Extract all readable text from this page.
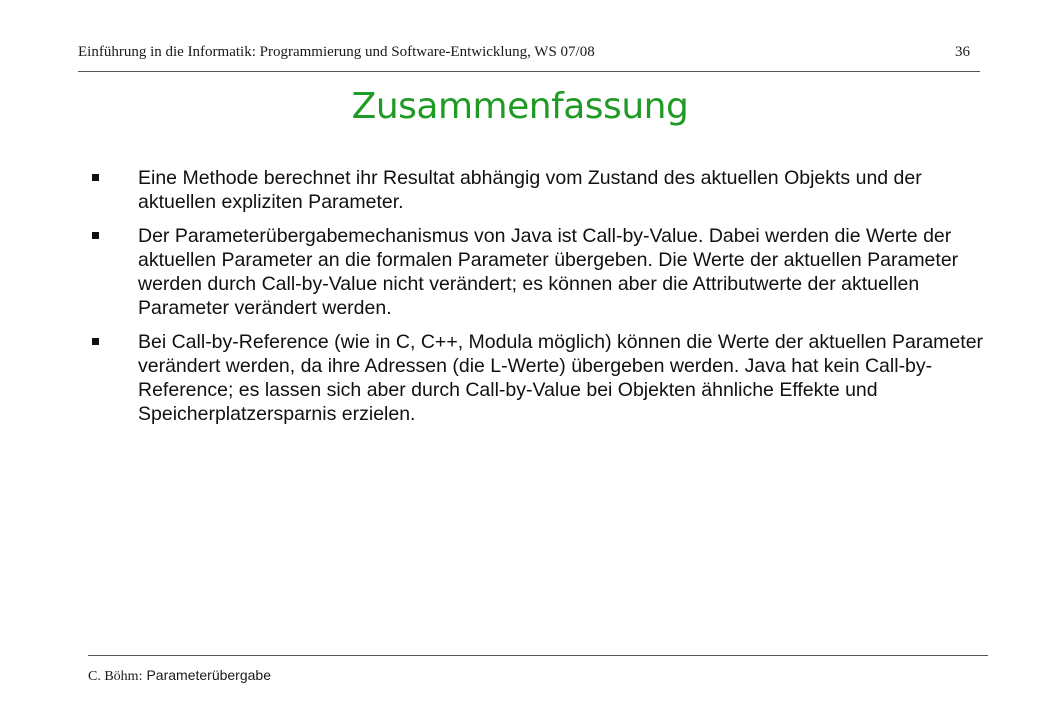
Einführung in die Informatik: Programmierung und Software-Entwicklung, WS 07/08	36
Zusammenfassung
Eine Methode berechnet ihr Resultat abhängig vom Zustand des aktuellen Objekts und der aktuellen expliziten Parameter.
Der Parameterübergabemechanismus von Java ist Call-by-Value. Dabei werden die Werte der aktuellen Parameter an die formalen Parameter übergeben. Die Werte der aktuellen Parameter werden durch Call-by-Value nicht verändert; es können aber die Attributwerte der aktuellen Parameter verändert werden.
Bei Call-by-Reference (wie in C, C++, Modula möglich) können die Werte der aktuellen Parameter verändert werden, da ihre Adressen (die L-Werte) übergeben werden. Java hat kein Call-by-Reference; es lassen sich aber durch Call-by-Value bei Objekten ähnliche Effekte und Speicherplatzersparnis erzielen.
C. Böhm: Parameterübergabe
